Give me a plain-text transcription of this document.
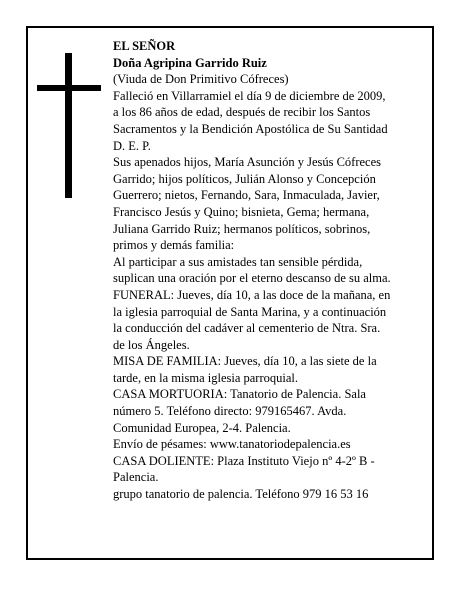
EL SEÑOR

Doña Agripina Garrido Ruiz

(Viuda de Don Primitivo Cófreces)

Falleció en Villarramiel el día 9 de diciembre de 2009,
a los 86 años de edad, después de recibir los Santos
Sacramentos y la Bendición Apostólica de Su Santidad
D. E. P.

Sus apenados hijos, María Asunción y Jesús Cófreces
Garrido; hijos políticos, Julián Alonso y Concepción
Guerrero; nietos, Fernando, Sara, Inmaculada, Javier,
Francisco Jesús y Quino; bisnieta, Gema; hermana,
Juliana Garrido Ruiz; hermanos políticos, sobrinos,
primos y demás familia:

Al participar a sus amistades tan sensible pérdida,
suplican una oración por el eterno descanso de su alma.

FUNERAL: Jueves, día 10, a las doce de la mañana, en
la iglesia parroquial de Santa Marina, y a continuación
la conducción del cadáver al cementerio de Ntra. Sra.
de los Ángeles.

MISA DE FAMILIA: Jueves, día 10, a las siete de la
tarde, en la misma iglesia parroquial.

CASA MORTUORIA: Tanatorio de Palencia. Sala
número 5. Teléfono directo: 979165467. Avda.
Comunidad Europea, 2-4. Palencia.

Envío de pésames: www.tanatoriodepalencia.es

CASA DOLIENTE: Plaza Instituto Viejo nº 4-2º B -
Palencia.

grupo tanatorio de palencia. Teléfono 979 16 53 16
